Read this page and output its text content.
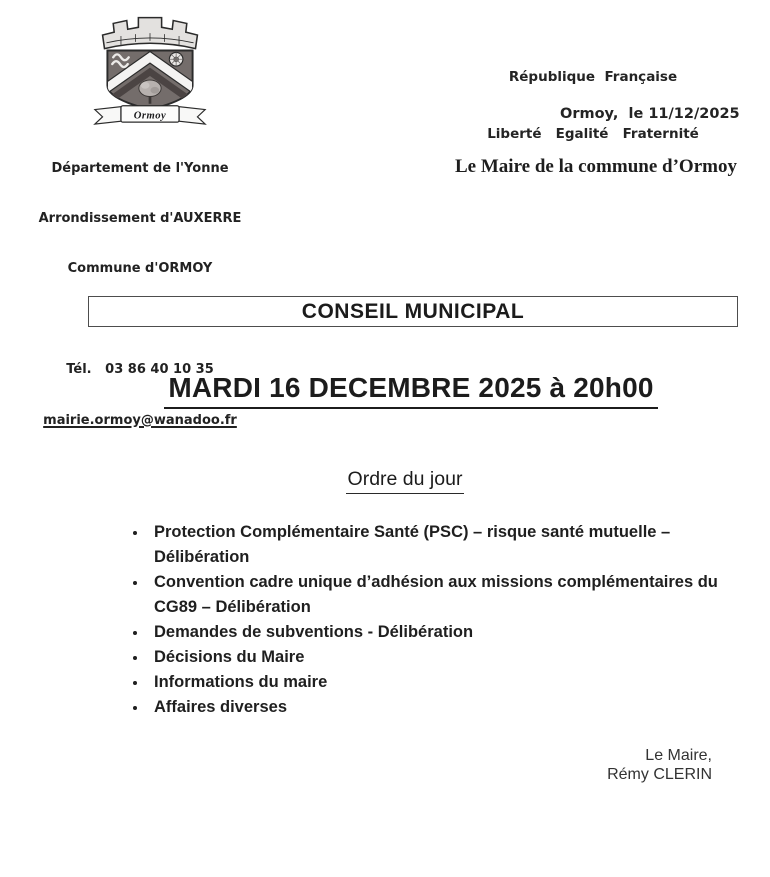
Ormoy

Département de l'Yonne

Arrondissement d'AUXERRE

Commune d'ORMOY

Tél.   03 86 40 10 35

mairie.ormoy@wanadoo.fr

République  Française

Liberté   Egalité   Fraternité

Ormoy,  le 11/12/2025
Le Maire de la commune d’Ormoy
CONSEIL MUNICIPAL
MARDI 16 DECEMBRE 2025 à 20h00
Ordre du jour
• Protection Complémentaire Santé (PSC) – risque santé mutuelle – Délibération
• Convention cadre unique d’adhésion aux missions complémentaires du CG89 – Délibération
• Demandes de subventions - Délibération
• Décisions du Maire
• Informations du maire
• Affaires diverses
Le Maire,
Rémy CLERIN
